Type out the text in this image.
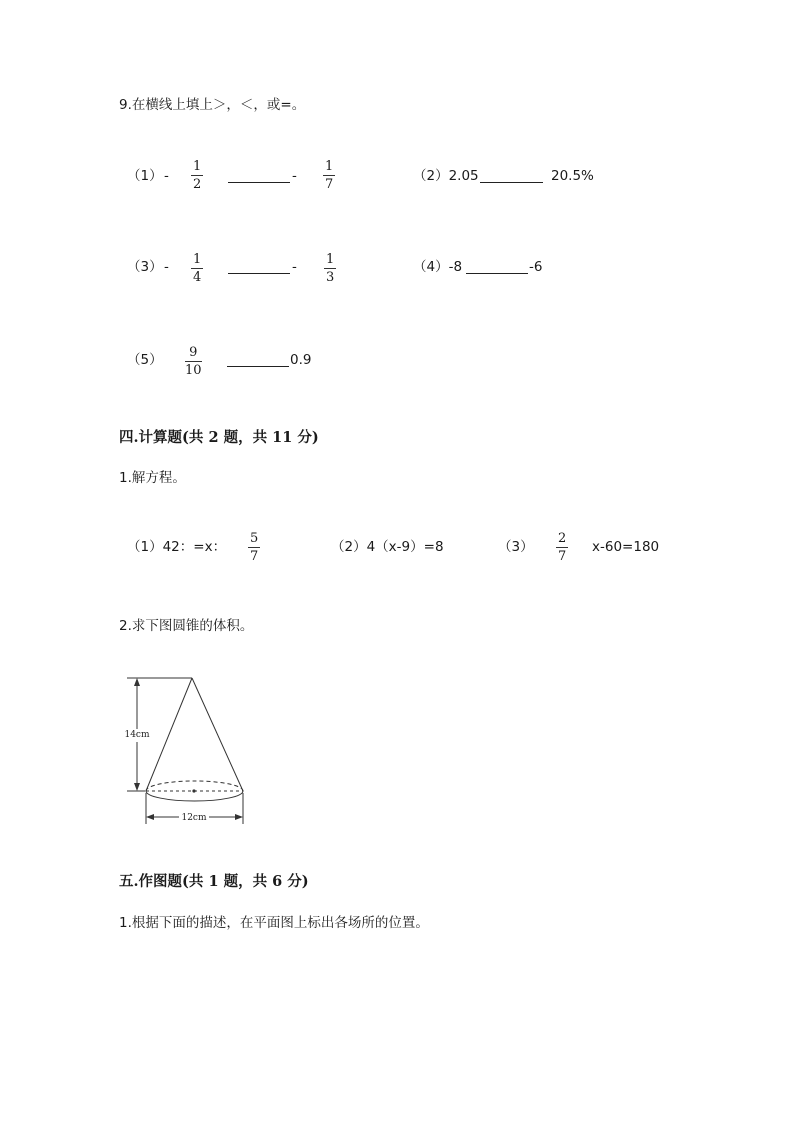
9.在横线上填上＞，＜，或=。
（1） -
1
2
-
1
7
（2）2.05	20.5%
（3） - 1
4
- 1
3
（4）-8	-6
（5） 9
10
0.9
四.计算题(共 2 题，共 11 分)
1.解方程。
（1）42：=x：
5
7
（2）4（x-9）=8	（3）
2
7
x-60=180
2.求下图圆锥的体积。
14cm
12cm
五.作图题(共 1 题，共 6 分)
1.根据下面的描述，在平面图上标出各场所的位置。
